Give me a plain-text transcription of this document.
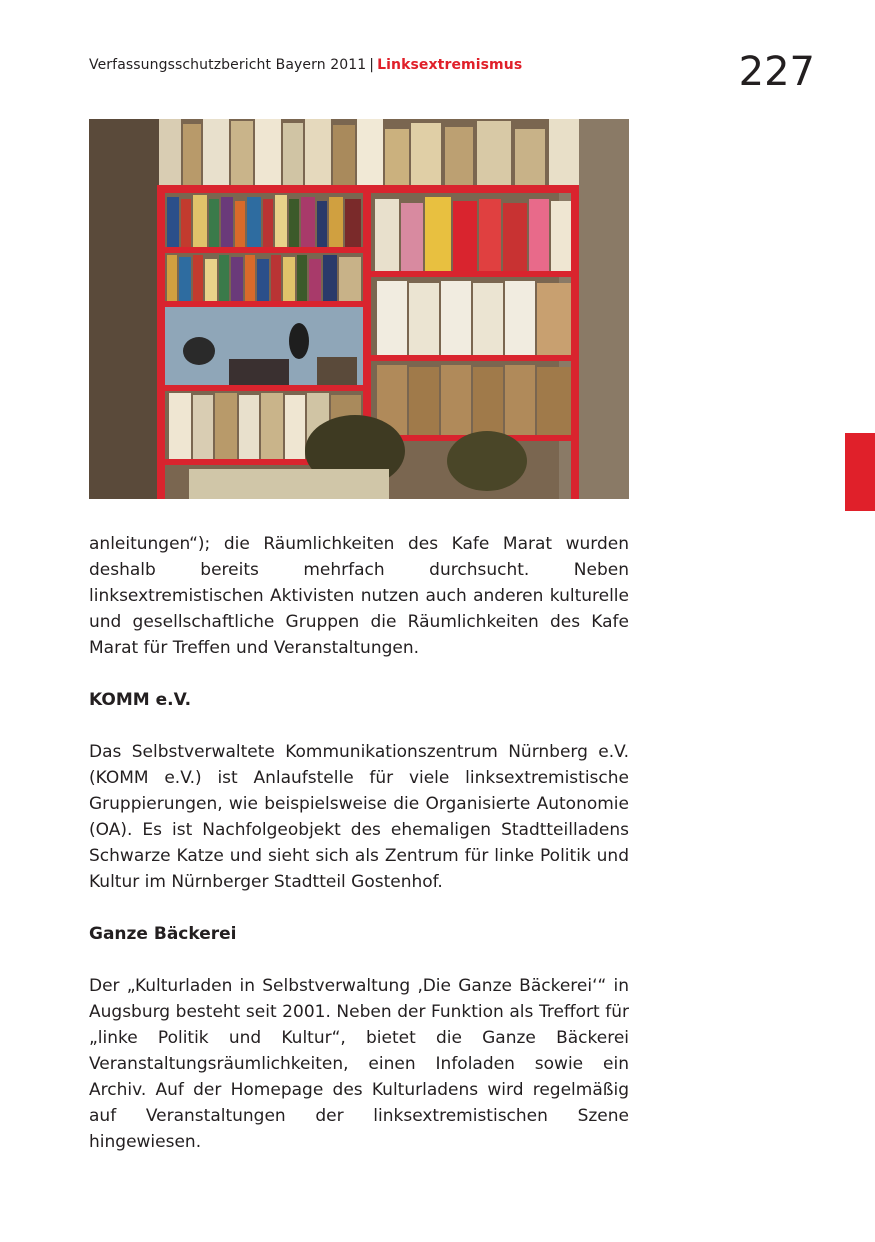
Verfassungsschutzbericht Bayern 2011 | Linksextremismus	227

anleitungen“); die Räumlichkeiten des Kafe Marat wurden deshalb bereits mehrfach durchsucht. Neben linksextremistischen Aktivisten nutzen auch anderen kulturelle und gesellschaftliche Gruppen die Räumlichkeiten des Kafe Marat für Treffen und Veranstaltungen.

KOMM e.V.

Das Selbstverwaltete Kommunikationszentrum Nürnberg e.V. (KOMM e.V.) ist Anlaufstelle für viele linksextremistische Gruppierungen, wie beispielsweise die Organisierte Autonomie (OA). Es ist Nachfolgeobjekt des ehemaligen Stadtteilladens Schwarze Katze und sieht sich als Zentrum für linke Politik und Kultur im Nürnberger Stadtteil Gostenhof.

Ganze Bäckerei

Der „Kulturladen in Selbstverwaltung ‚Die Ganze Bäckerei‘“ in Augsburg besteht seit 2001. Neben der Funktion als Treffort für „linke Politik und Kultur“, bietet die Ganze Bäckerei Veranstaltungsräumlichkeiten, einen Infoladen sowie ein Archiv. Auf der Homepage des Kulturladens wird regelmäßig auf Veranstaltungen der linksextremistischen Szene hingewiesen.
